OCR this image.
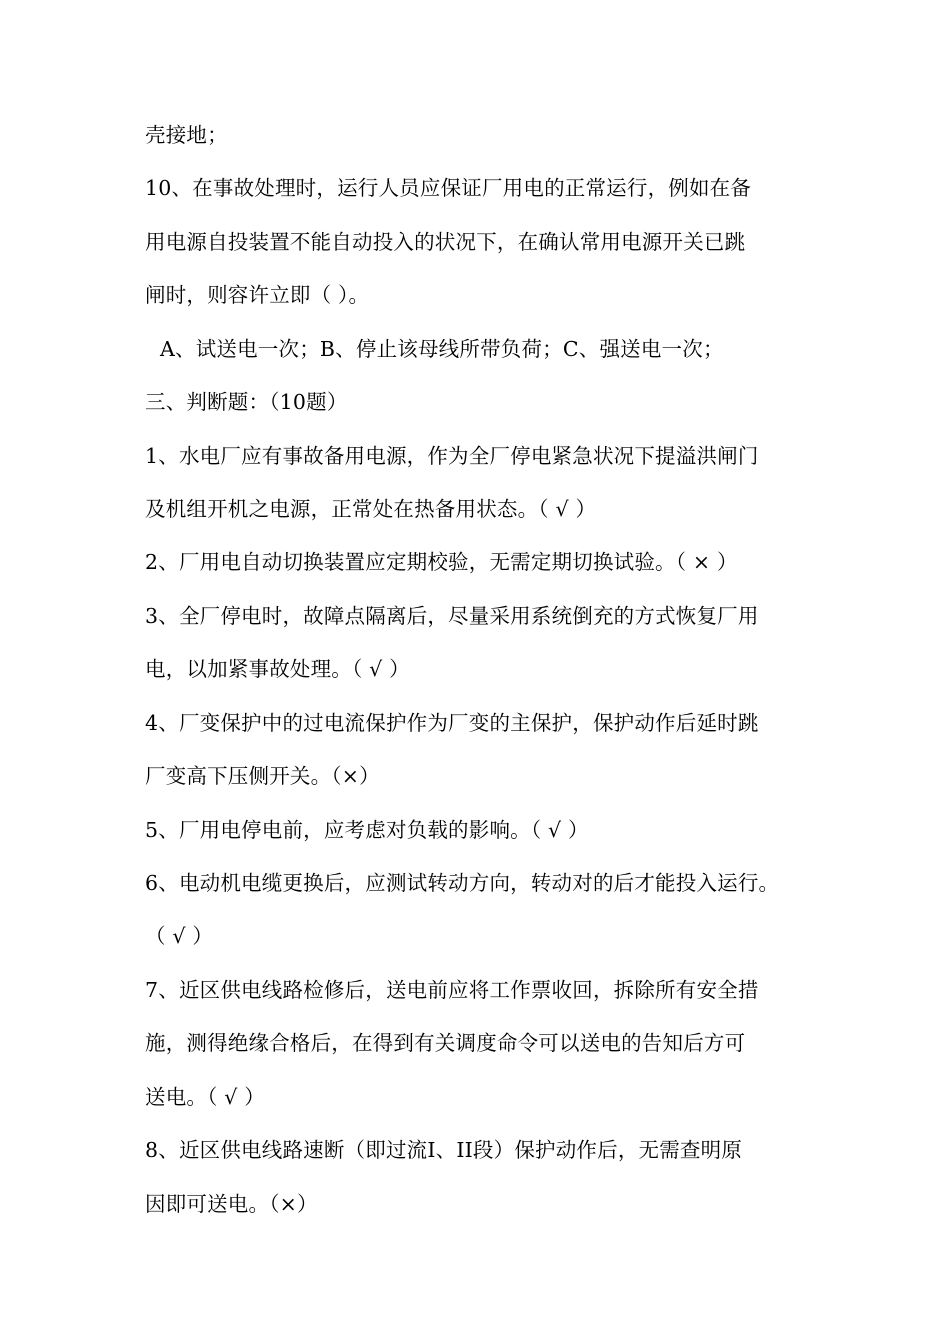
壳接地；
10、在事故处理时，运行人员应保证厂用电的正常运行，例如在备
用电源自投装置不能自动投入的状况下，在确认常用电源开关已跳
闸时，则容许立即（ ）。
A、试送电一次；B、停止该母线所带负荷；C、强送电一次；
三、判断题：（10题）
1、水电厂应有事故备用电源，作为全厂停电紧急状况下提溢洪闸门
及机组开机之电源，正常处在热备用状态。（ √ ）
2、厂用电自动切换装置应定期校验，无需定期切换试验。（ × ）
3、全厂停电时，故障点隔离后，尽量采用系统倒充的方式恢复厂用
电，以加紧事故处理。（ √ ）
4、厂变保护中的过电流保护作为厂变的主保护，保护动作后延时跳
厂变高下压侧开关。（×）
5、厂用电停电前，应考虑对负载的影响。（ √ ）
6、电动机电缆更换后，应测试转动方向，转动对的后才能投入运行。
（ √ ）
7、近区供电线路检修后，送电前应将工作票收回，拆除所有安全措
施，测得绝缘合格后，在得到有关调度命令可以送电的告知后方可
送电。（ √ ）
8、近区供电线路速断（即过流I、II段）保护动作后，无需查明原
因即可送电。（×）
